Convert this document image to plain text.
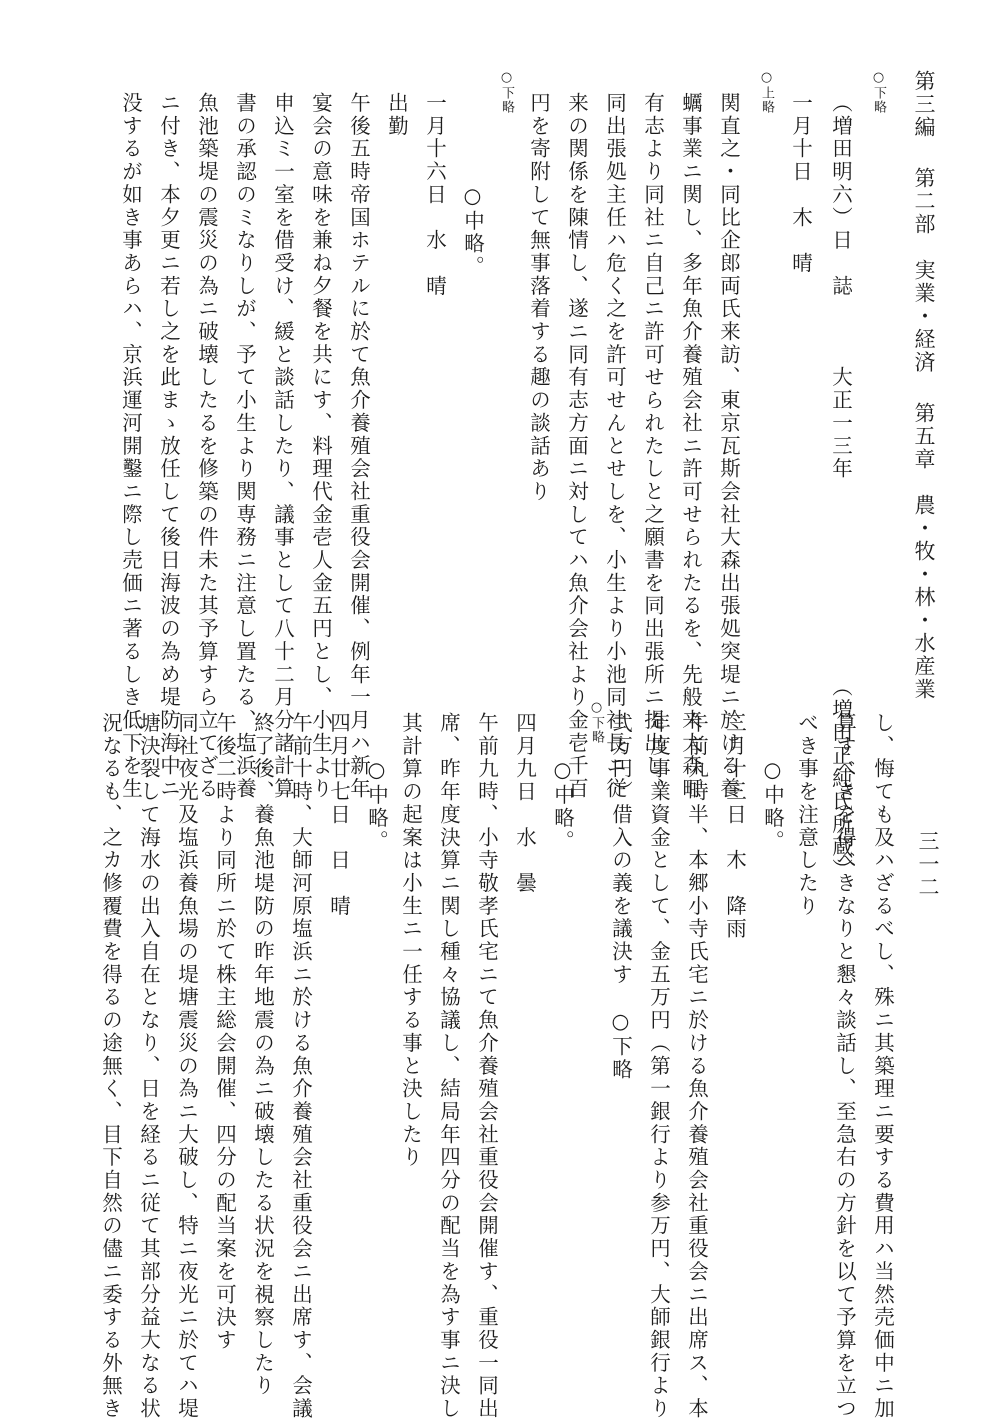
第三編第二部　実業・経済第五章　農・牧・林・水産業
三一二
○下略
（増田明六）日　誌　　　大正一三年　　　　　　　　　（増田正純氏所蔵）
一月十日　木　晴
○上略
関直之・同比企郎両氏来訪、東京瓦斯会社大森出張処突堤ニ於ける養
蠣事業ニ関し、多年魚介養殖会社ニ許可せられたるを、先般来大森町
有志より同社ニ自己ニ許可せられたしと之願書を同出張所ニ提出し、
同出張処主任ハ危く之を許可せんとせしを、小生より小池同社長ニ従
来の関係を陳情し、遂ニ同有志方面ニ対してハ魚介会社より金壱千百
円を寄附して無事落着する趣の談話あり
○下略
　　　　○中略。
一月十六日　水　晴
出勤
午後五時帝国ホテルに於て魚介養殖会社重役会開催、例年一月ハ新年
宴会の意味を兼ね夕餐を共にす、料理代金壱人金五円とし、小生より
申込ミ一室を借受け、緩と談話したり、議事として八十二月分諸計算
書の承認のミなりしが、予て小生より関専務ニ注意し置たる、塩浜養
魚池築堤の震災の為ニ破壊したるを修築の件未た其予算すら立てざる
ニ付き、本夕更ニ若し之を此まゝ放任して後日海波の為め堤防海中ニ
没するが如き事あらハ、京浜運河開鑿ニ際し売価ニ著るしき低下を生
し、悔ても及ハざるべし、殊ニ其築理ニ要する費用ハ当然売価中ニ加
算すべきを得べきなりと懇々談話し、至急右の方針を以て予算を立つ
べき事を注意したり
　　○中略。
三月十三日　木　降雨
午前九時半、本郷小寺氏宅ニ於ける魚介養殖会社重役会ニ出席ス、本
年度事業資金として、金五万円（第一銀行より参万円、大師銀行より
弐万円）借入の義を議決す　○下略
○下略
　　○中略。
四月九日　水　曇
午前九時、小寺敬孝氏宅ニて魚介養殖会社重役会開催す、重役一同出
席、昨年度決算ニ関し種々協議し、結局年四分の配当を為す事ニ決し
其計算の起案は小生ニ一任する事と決したり
　　○中略。
四月廿七日　日　晴
午前十時、大師河原塩浜ニ於ける魚介養殖会社重役会ニ出席す、会議
終了後、養魚池堤防の昨年地震の為ニ破壊したる状況を視察したり
午後二時より同所ニ於て株主総会開催、四分の配当案を可決す
同社夜光及塩浜養魚場の堤塘震災の為ニ大破し、特ニ夜光ニ於てハ堤
塘決裂して海水の出入自在となり、日を経るニ従て其部分益大なる状
況なるも、之カ修覆費を得るの途無く、目下自然の儘ニ委する外無き
